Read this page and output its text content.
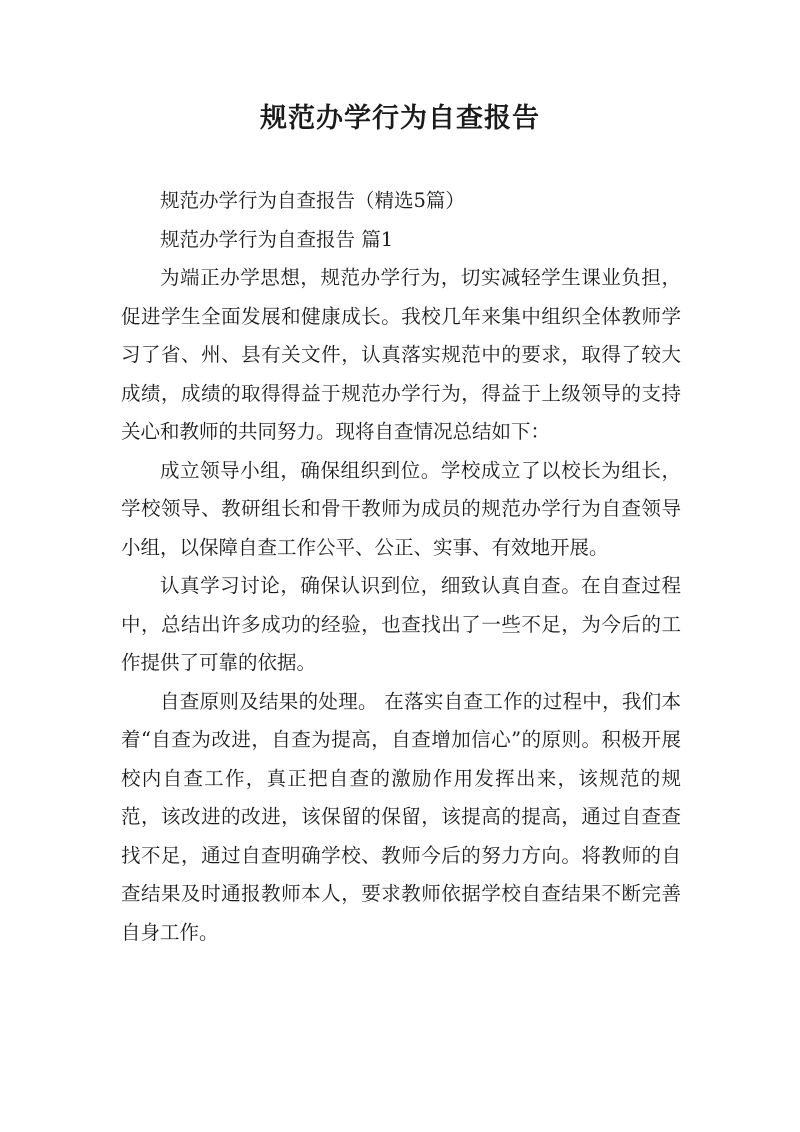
规范办学行为自查报告

规范办学行为自查报告（精选5篇）

规范办学行为自查报告 篇1

为端正办学思想，规范办学行为，切实减轻学生课业负担，促进学生全面发展和健康成长。我校几年来集中组织全体教师学习了省、州、县有关文件，认真落实规范中的要求，取得了较大成绩，成绩的取得得益于规范办学行为，得益于上级领导的支持关心和教师的共同努力。现将自查情况总结如下：

成立领导小组，确保组织到位。学校成立了以校长为组长，学校领导、教研组长和骨干教师为成员的规范办学行为自查领导小组，以保障自查工作公平、公正、实事、有效地开展。

认真学习讨论，确保认识到位，细致认真自查。在自查过程中，总结出许多成功的经验，也查找出了一些不足，为今后的工作提供了可靠的依据。

自查原则及结果的处理。 在落实自查工作的过程中，我们本着“自查为改进，自查为提高，自查增加信心”的原则。积极开展校内自查工作，真正把自查的激励作用发挥出来，该规范的规范，该改进的改进，该保留的保留，该提高的提高，通过自查查找不足，通过自查明确学校、教师今后的努力方向。将教师的自查结果及时通报教师本人，要求教师依据学校自查结果不断完善自身工作。
